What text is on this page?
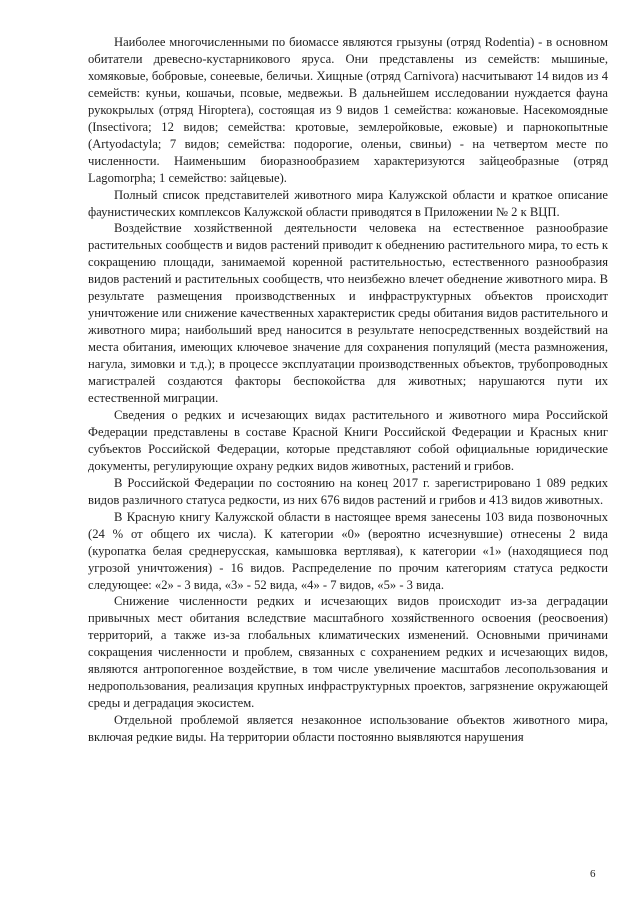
Наиболее многочисленными по биомассе являются грызуны (отряд Rodentia) - в основном обитатели древесно-кустарникового яруса. Они представлены из семейств: мышиные, хомяковые, бобровые, сонеевые, беличьи. Хищные (отряд Carnivora) насчитывают 14 видов из 4 семейств: куньи, кошачьи, псовые, медвежьи. В дальнейшем исследовании нуждается фауна рукокрылых (отряд Hiroptera), состоящая из 9 видов 1 семейства: кожановые. Насекомоядные (Insectivora; 12 видов; семейства: кротовые, землеройковые, ежовые) и парнокопытные (Artyodactyla; 7 видов; семейства: подорогие, оленьи, свиньи) - на четвертом месте по численности. Наименьшим биоразнообразием характеризуются зайцеобразные (отряд Lagomorpha; 1 семейство: зайцевые).

Полный список представителей животного мира Калужской области и краткое описание фаунистических комплексов Калужской области приводятся в Приложении № 2 к ВЦП.

Воздействие хозяйственной деятельности человека на естественное разнообразие растительных сообществ и видов растений приводит к обеднению растительного мира, то есть к сокращению площади, занимаемой коренной растительностью, естественного разнообразия видов растений и растительных сообществ, что неизбежно влечет обеднение животного мира. В результате размещения производственных и инфраструктурных объектов происходит уничтожение или снижение качественных характеристик среды обитания видов растительного и животного мира; наибольший вред наносится в результате непосредственных воздействий на места обитания, имеющих ключевое значение для сохранения популяций (места размножения, нагула, зимовки и т.д.); в процессе эксплуатации производственных объектов, трубопроводных магистралей создаются факторы беспокойства для животных; нарушаются пути их естественной миграции.

Сведения о редких и исчезающих видах растительного и животного мира Российской Федерации представлены в составе Красной Книги Российской Федерации и Красных книг субъектов Российской Федерации, которые представляют собой официальные юридические документы, регулирующие охрану редких видов животных, растений и грибов.

В Российской Федерации по состоянию на конец 2017 г. зарегистрировано 1 089 редких видов различного статуса редкости, из них 676 видов растений и грибов и 413 видов животных.

В Красную книгу Калужской области в настоящее время занесены 103 вида позвоночных (24 % от общего их числа). К категории «0» (вероятно исчезнувшие) отнесены 2 вида (куропатка белая среднерусская, камышовка вертлявая), к категории «1» (находящиеся под угрозой уничтожения) - 16 видов. Распределение по прочим категориям статуса редкости следующее: «2» - 3 вида, «3» - 52 вида, «4» - 7 видов, «5» - 3 вида.

Снижение численности редких и исчезающих видов происходит из-за деградации привычных мест обитания вследствие масштабного хозяйственного освоения (реосвоения) территорий, а также из-за глобальных климатических изменений. Основными причинами сокращения численности и проблем, связанных с сохранением редких и исчезающих видов, являются антропогенное воздействие, в том числе увеличение масштабов лесопользования и недропользования, реализация крупных инфраструктурных проектов, загрязнение окружающей среды и деградация экосистем.

Отдельной проблемой является незаконное использование объектов животного мира, включая редкие виды. На территории области постоянно выявляются нарушения

6
